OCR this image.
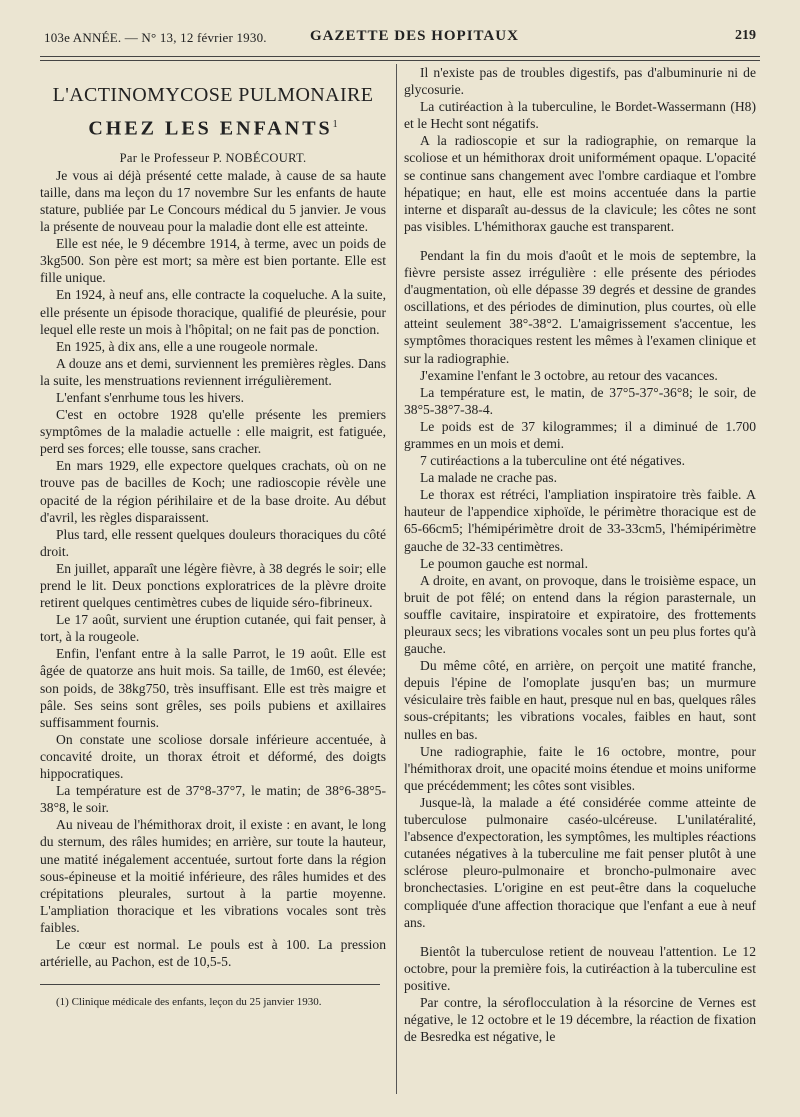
103e ANNÉE. — N° 13, 12 février 1930.	GAZETTE DES HOPITAUX	219
L'ACTINOMYCOSE PULMONAIRE
CHEZ LES ENFANTS$^1$

Par le Professeur P. NOBÉCOURT.

Je vous ai déjà présenté cette malade, à cause de sa haute taille, dans ma leçon du 17 novembre Sur les enfants de haute stature, publiée par Le Concours médical du 5 janvier. Je vous la présente de nouveau pour la maladie dont elle est atteinte.

Elle est née, le 9 décembre 1914, à terme, avec un poids de 3kg500. Son père est mort; sa mère est bien portante. Elle est fille unique.

En 1924, à neuf ans, elle contracte la coqueluche. A la suite, elle présente un épisode thoracique, qualifié de pleurésie, pour lequel elle reste un mois à l'hôpital; on ne fait pas de ponction.

En 1925, à dix ans, elle a une rougeole normale.

A douze ans et demi, surviennent les premières règles. Dans la suite, les menstruations reviennent irrégulièrement.

L'enfant s'enrhume tous les hivers.

C'est en octobre 1928 qu'elle présente les premiers symptômes de la maladie actuelle : elle maigrit, est fatiguée, perd ses forces; elle tousse, sans cracher.

En mars 1929, elle expectore quelques crachats, où on ne trouve pas de bacilles de Koch; une radioscopie révèle une opacité de la région périhilaire et de la base droite. Au début d'avril, les règles disparaissent.

Plus tard, elle ressent quelques douleurs thoraciques du côté droit.

En juillet, apparaît une légère fièvre, à 38 degrés le soir; elle prend le lit. Deux ponctions exploratrices de la plèvre droite retirent quelques centimètres cubes de liquide séro-fibrineux.

Le 17 août, survient une éruption cutanée, qui fait penser, à tort, à la rougeole.

Enfin, l'enfant entre à la salle Parrot, le 19 août. Elle est âgée de quatorze ans huit mois. Sa taille, de 1m60, est élevée; son poids, de 38kg750, très insuffisant. Elle est très maigre et pâle. Ses seins sont grêles, ses poils pubiens et axillaires suffisamment fournis.

On constate une scoliose dorsale inférieure accentuée, à concavité droite, un thorax étroit et déformé, des doigts hippocratiques.

La température est de 37°8-37°7, le matin; de 38°6-38°5-38°8, le soir.

Au niveau de l'hémithorax droit, il existe : en avant, le long du sternum, des râles humides; en arrière, sur toute la hauteur, une matité inégalement accentuée, surtout forte dans la région sous-épineuse et la moitié inférieure, des râles humides et des crépitations pleurales, surtout à la partie moyenne. L'ampliation thoracique et les vibrations vocales sont très faibles.

Le cœur est normal. Le pouls est à 100. La pression artérielle, au Pachon, est de 10,5-5.

(1) Clinique médicale des enfants, leçon du 25 janvier 1930.

Il n'existe pas de troubles digestifs, pas d'albuminurie ni de glycosurie.

La cutiréaction à la tuberculine, le Bordet-Wassermann (H8) et le Hecht sont négatifs.

A la radioscopie et sur la radiographie, on remarque la scoliose et un hémithorax droit uniformément opaque. L'opacité se continue sans changement avec l'ombre cardiaque et l'ombre hépatique; en haut, elle est moins accentuée dans la partie interne et disparaît au-dessus de la clavicule; les côtes ne sont pas visibles. L'hémithorax gauche est transparent.

Pendant la fin du mois d'août et le mois de septembre, la fièvre persiste assez irrégulière : elle présente des périodes d'augmentation, où elle dépasse 39 degrés et dessine de grandes oscillations, et des périodes de diminution, plus courtes, où elle atteint seulement 38°-38°2. L'amaigrissement s'accentue, les symptômes thoraciques restent les mêmes à l'examen clinique et sur la radiographie.

J'examine l'enfant le 3 octobre, au retour des vacances.

La température est, le matin, de 37°5-37°-36°8; le soir, de 38°5-38°7-38-4.

Le poids est de 37 kilogrammes; il a diminué de 1.700 grammes en un mois et demi.

7 cutiréactions a la tuberculine ont été négatives.

La malade ne crache pas.

Le thorax est rétréci, l'ampliation inspiratoire très faible. A hauteur de l'appendice xiphoïde, le périmètre thoracique est de 65-66cm5; l'hémipérimètre droit de 33-33cm5, l'hémipérimètre gauche de 32-33 centimètres.

Le poumon gauche est normal.

A droite, en avant, on provoque, dans le troisième espace, un bruit de pot fêlé; on entend dans la région parasternale, un souffle cavitaire, inspiratoire et expiratoire, des frottements pleuraux secs; les vibrations vocales sont un peu plus fortes qu'à gauche.

Du même côté, en arrière, on perçoit une matité franche, depuis l'épine de l'omoplate jusqu'en bas; un murmure vésiculaire très faible en haut, presque nul en bas, quelques râles sous-crépitants; les vibrations vocales, faibles en haut, sont nulles en bas.

Une radiographie, faite le 16 octobre, montre, pour l'hémithorax droit, une opacité moins étendue et moins uniforme que précédemment; les côtes sont visibles.

Jusque-là, la malade a été considérée comme atteinte de tuberculose pulmonaire caséo-ulcéreuse. L'unilatéralité, l'absence d'expectoration, les symptômes, les multiples réactions cutanées négatives à la tuberculine me fait penser plutôt à une sclérose pleuro-pulmonaire et broncho-pulmonaire avec bronchectasies. L'origine en est peut-être dans la coqueluche compliquée d'une affection thoracique que l'enfant a eue à neuf ans.

Bientôt la tuberculose retient de nouveau l'attention. Le 12 octobre, pour la première fois, la cutiréaction à la tuberculine est positive.

Par contre, la séroflocculation à la résorcine de Vernes est négative, le 12 octobre et le 19 décembre, la réaction de fixation de Besredka est négative, le
